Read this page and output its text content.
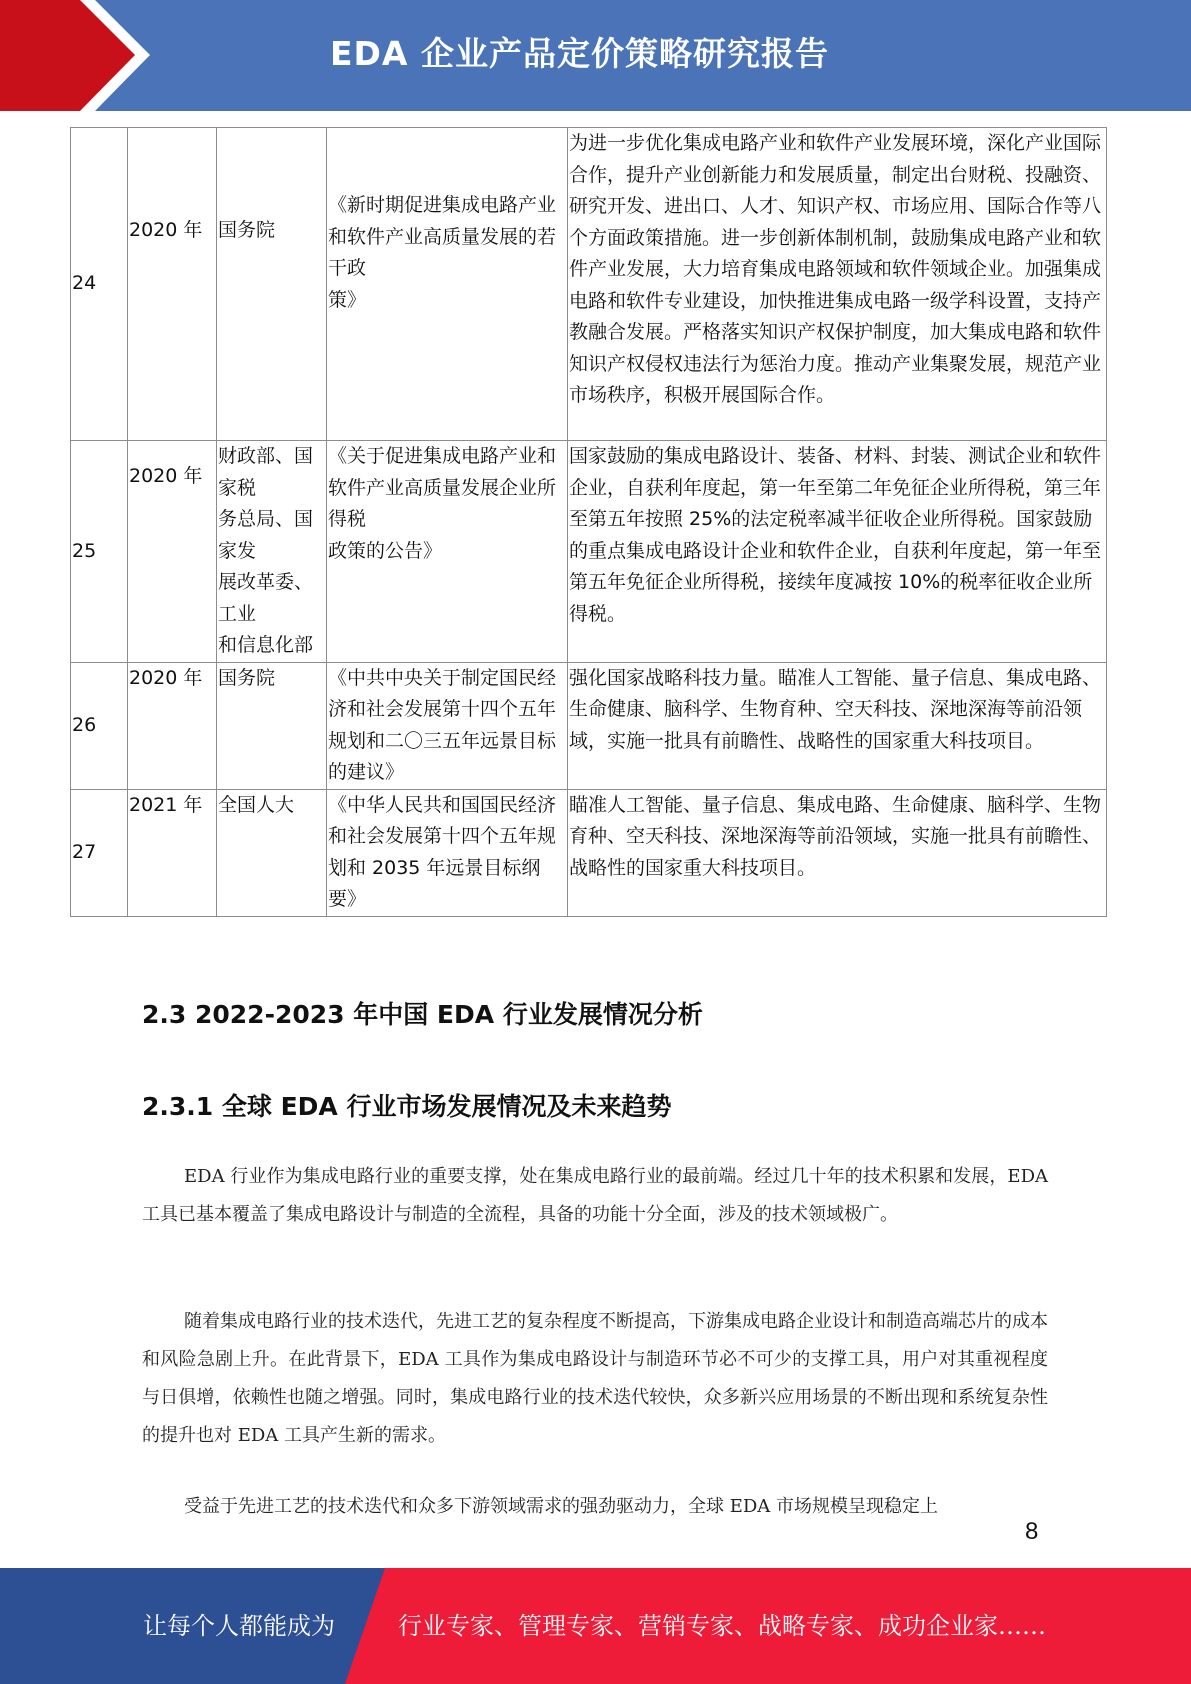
EDA 企业产品定价策略研究报告
24	2020 年	国务院	《新时期促进集成电路产业和软件产业高质量发展的若干政
策》	为进一步优化集成电路产业和软件产业发展环境，深化产业国际合作，提升产业创新能力和发展质量，制定出台财税、投融资、研究开发、进出口、人才、知识产权、市场应用、国际合作等八个方面政策措施。进一步创新体制机制，鼓励集成电路产业和软件产业发展，大力培育集成电路领域和软件领域企业。加强集成电路和软件专业建设，加快推进集成电路一级学科设置，支持产教融合发展。严格落实知识产权保护制度，加大集成电路和软件知识产权侵权违法行为惩治力度。推动产业集聚发展，规范产业市场秩序，积极开展国际合作。
25	2020 年	财政部、国家税
务总局、国家发
展改革委、工业
和信息化部	《关于促进集成电路产业和软件产业高质量发展企业所得税
政策的公告》	国家鼓励的集成电路设计、装备、材料、封装、测试企业和软件企业，自获利年度起，第一年至第二年免征企业所得税，第三年至第五年按照 25%的法定税率减半征收企业所得税。国家鼓励的重点集成电路设计企业和软件企业，自获利年度起，第一年至第五年免征企业所得税，接续年度减按 10%的税率征收企业所得税。
26	2020 年	国务院	《中共中央关于制定国民经济和社会发展第十四个五年规划和二〇三五年远景目标的建议》	强化国家战略科技力量。瞄准人工智能、量子信息、集成电路、生命健康、脑科学、生物育种、空天科技、深地深海等前沿领域，实施一批具有前瞻性、战略性的国家重大科技项目。
27	2021 年	全国人大	《中华人民共和国国民经济和社会发展第十四个五年规划和 2035 年远景目标纲要》	瞄准人工智能、量子信息、集成电路、生命健康、脑科学、生物育种、空天科技、深地深海等前沿领域，实施一批具有前瞻性、战略性的国家重大科技项目。
2.3 2022-2023 年中国 EDA 行业发展情况分析
2.3.1 全球 EDA 行业市场发展情况及未来趋势

EDA 行业作为集成电路行业的重要支撑，处在集成电路行业的最前端。经过几十年的技术积累和发展，EDA 工具已基本覆盖了集成电路设计与制造的全流程，具备的功能十分全面，涉及的技术领域极广。

随着集成电路行业的技术迭代，先进工艺的复杂程度不断提高，下游集成电路企业设计和制造高端芯片的成本和风险急剧上升。在此背景下，EDA 工具作为集成电路设计与制造环节必不可少的支撑工具，用户对其重视程度与日俱增，依赖性也随之增强。同时，集成电路行业的技术迭代较快，众多新兴应用场景的不断出现和系统复杂性的提升也对 EDA 工具产生新的需求。

受益于先进工艺的技术迭代和众多下游领域需求的强劲驱动力，全球 EDA 市场规模呈现稳定上

8
让每个人都能成为	行业专家、管理专家、营销专家、战略专家、成功企业家……
